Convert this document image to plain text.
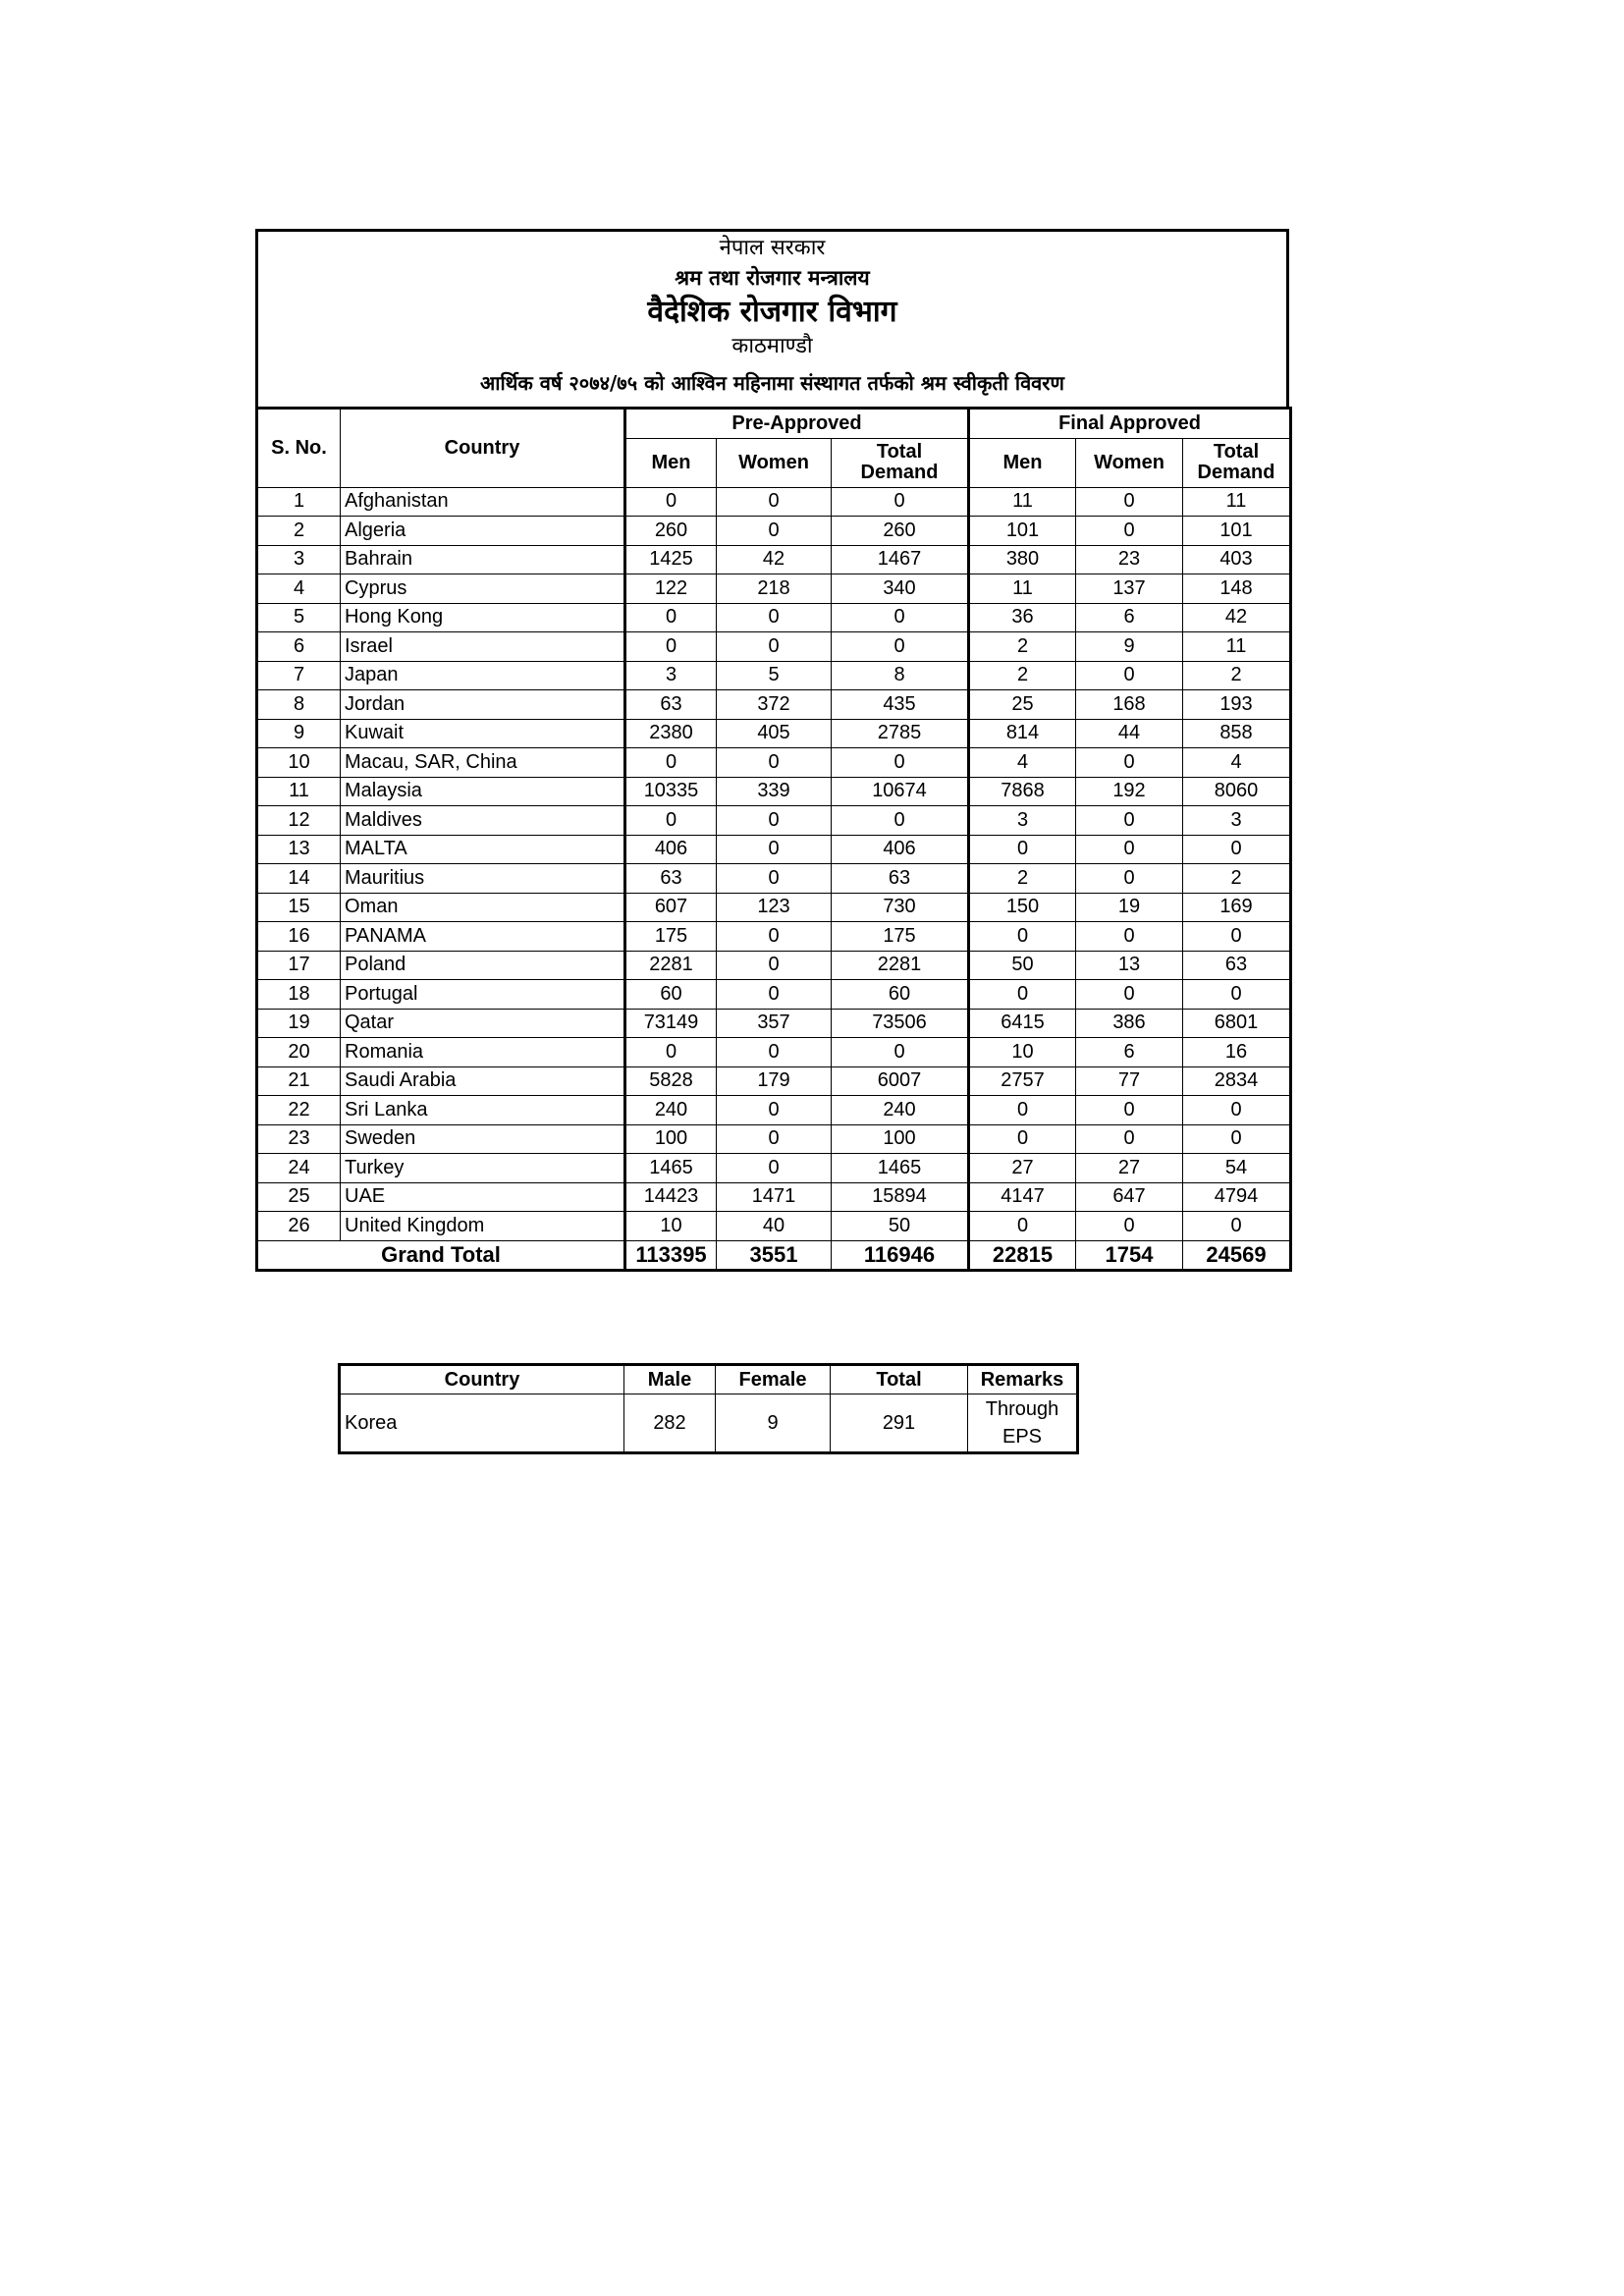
नेपाल सरकार
श्रम तथा रोजगार मन्त्रालय
वैदेशिक रोजगार विभाग
काठमाण्डौ
आर्थिक वर्ष २०७४/७५ को आश्विन महिनामा संस्थागत तर्फको श्रम स्वीकृती विवरण
S. No.	Country	Pre-Approved			Final Approved		
		Men	Women	Total Demand	Men	Women	Total Demand
1	Afghanistan	0	0	0	11	0	11
2	Algeria	260	0	260	101	0	101
3	Bahrain	1425	42	1467	380	23	403
4	Cyprus	122	218	340	11	137	148
5	Hong Kong	0	0	0	36	6	42
6	Israel	0	0	0	2	9	11
7	Japan	3	5	8	2	0	2
8	Jordan	63	372	435	25	168	193
9	Kuwait	2380	405	2785	814	44	858
10	Macau, SAR, China	0	0	0	4	0	4
11	Malaysia	10335	339	10674	7868	192	8060
12	Maldives	0	0	0	3	0	3
13	MALTA	406	0	406	0	0	0
14	Mauritius	63	0	63	2	0	2
15	Oman	607	123	730	150	19	169
16	PANAMA	175	0	175	0	0	0
17	Poland	2281	0	2281	50	13	63
18	Portugal	60	0	60	0	0	0
19	Qatar	73149	357	73506	6415	386	6801
20	Romania	0	0	0	10	6	16
21	Saudi Arabia	5828	179	6007	2757	77	2834
22	Sri Lanka	240	0	240	0	0	0
23	Sweden	100	0	100	0	0	0
24	Turkey	1465	0	1465	27	27	54
25	UAE	14423	1471	15894	4147	647	4794
26	United Kingdom	10	40	50	0	0	0
Grand Total		113395	3551	116946	22815	1754	24569
Country	Male	Female	Total	Remarks
Korea	282	9	291	Through EPS
